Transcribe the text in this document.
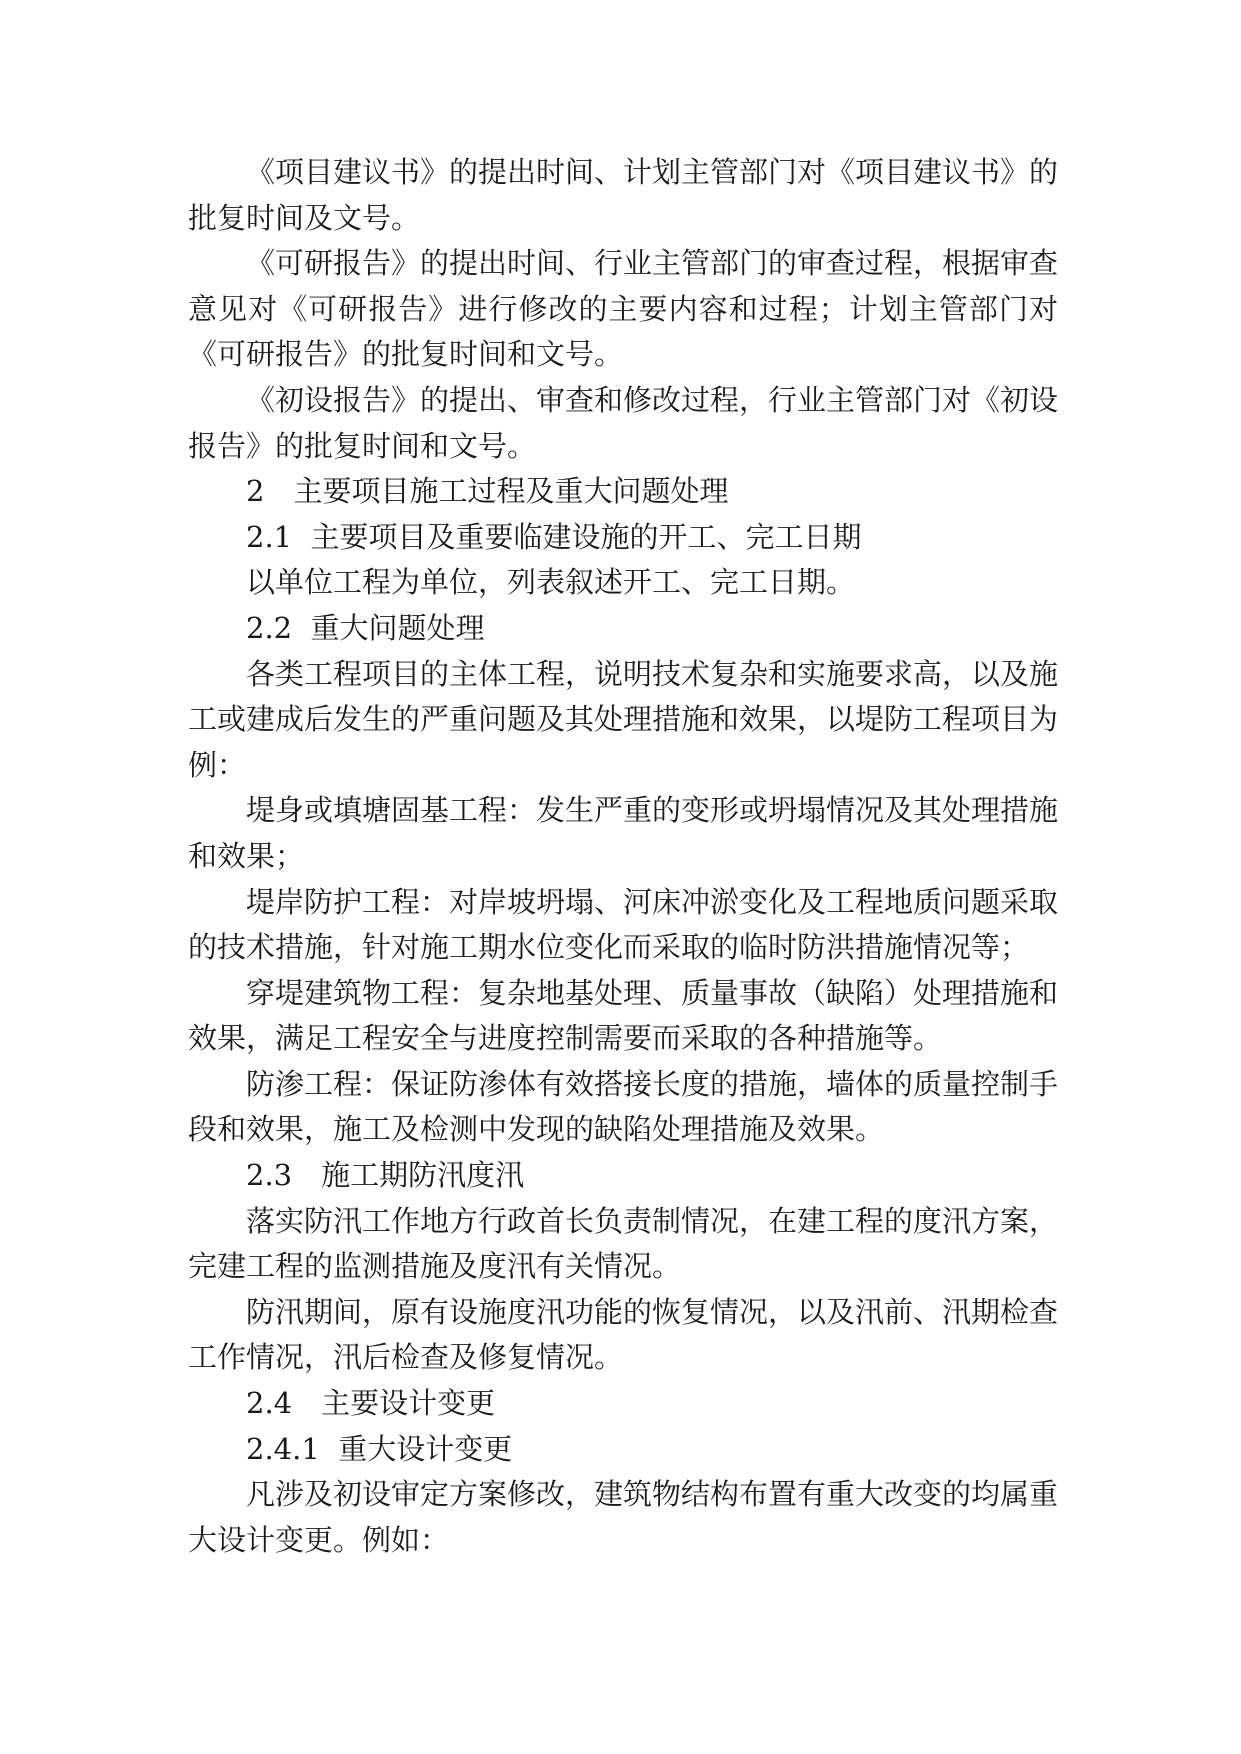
《项目建议书》的提出时间、计划主管部门对《项目建议书》的批复时间及文号。

《可研报告》的提出时间、行业主管部门的审查过程，根据审查意见对《可研报告》进行修改的主要内容和过程；计划主管部门对《可研报告》的批复时间和文号。

《初设报告》的提出、审查和修改过程，行业主管部门对《初设报告》的批复时间和文号。

2　主要项目施工过程及重大问题处理

2.1  主要项目及重要临建设施的开工、完工日期

以单位工程为单位，列表叙述开工、完工日期。

2.2  重大问题处理

各类工程项目的主体工程，说明技术复杂和实施要求高，以及施工或建成后发生的严重问题及其处理措施和效果，以堤防工程项目为例：

堤身或填塘固基工程：发生严重的变形或坍塌情况及其处理措施和效果；

堤岸防护工程：对岸坡坍塌、河床冲淤变化及工程地质问题采取的技术措施，针对施工期水位变化而采取的临时防洪措施情况等；

穿堤建筑物工程：复杂地基处理、质量事故（缺陷）处理措施和效果，满足工程安全与进度控制需要而采取的各种措施等。

防渗工程：保证防渗体有效搭接长度的措施，墙体的质量控制手段和效果，施工及检测中发现的缺陷处理措施及效果。

2.3　施工期防汛度汛

落实防汛工作地方行政首长负责制情况，在建工程的度汛方案，完建工程的监测措施及度汛有关情况。

防汛期间，原有设施度汛功能的恢复情况，以及汛前、汛期检查工作情况，汛后检查及修复情况。

2.4　主要设计变更

2.4.1  重大设计变更

凡涉及初设审定方案修改，建筑物结构布置有重大改变的均属重大设计变更。例如：
